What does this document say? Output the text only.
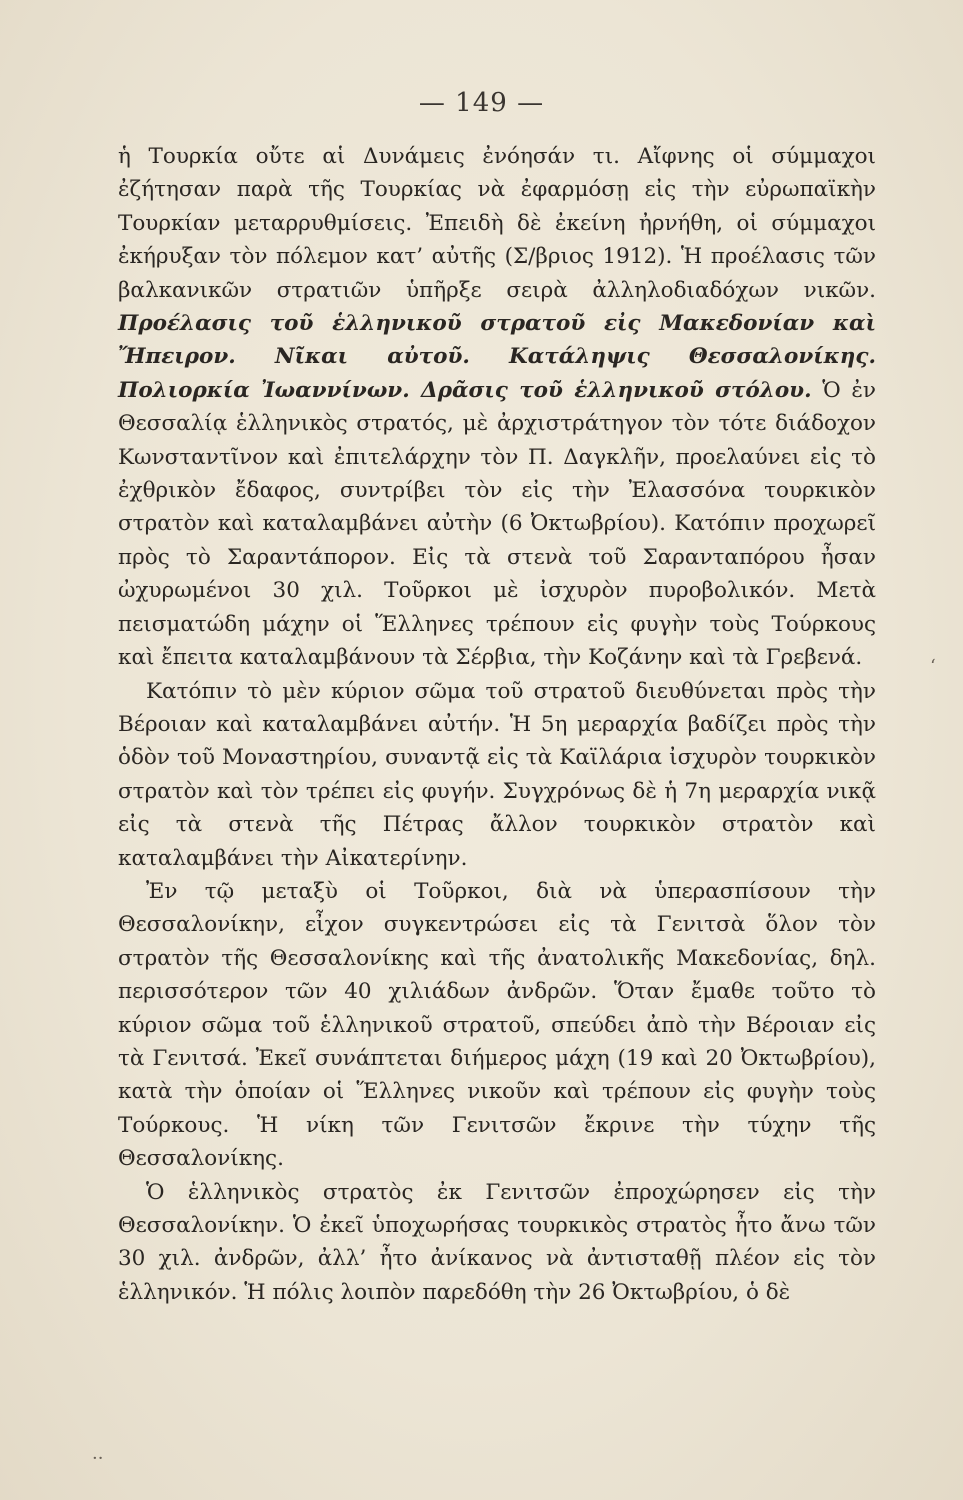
— 149 —
ʻ
··

ἡ Τουρκία οὔτε αἱ Δυνάμεις ἐνόησάν τι. Αἴφνης οἱ σύμμαχοι ἐζήτησαν παρὰ τῆς Τουρκίας νὰ ἐφαρμόσῃ εἰς τὴν εὐρωπαϊκὴν Τουρκίαν μεταρρυθμίσεις. Ἐπειδὴ δὲ ἐκείνη ἠρνήθη, οἱ σύμμαχοι ἐκήρυξαν τὸν πόλεμον κατ’ αὐτῆς (Σ/βριος 1912). Ἡ προέλασις τῶν βαλκανικῶν στρατιῶν ὑπῆρξε σειρὰ ἀλληλοδιαδόχων νικῶν. Προέλασις τοῦ ἑλληνικοῦ στρατοῦ εἰς Μακεδονίαν καὶ Ἤπειρον. Νῖκαι αὐτοῦ. Κατάληψις Θεσσαλονίκης. Πολιορκία Ἰωαννίνων. Δρᾶσις τοῦ ἑλληνικοῦ στόλου. Ὁ ἐν Θεσσαλίᾳ ἑλληνικὸς στρατός, μὲ ἀρχιστράτηγον τὸν τότε διάδοχον Κωνσταντῖνον καὶ ἐπιτελάρχην τὸν Π. Δαγκλῆν, προελαύνει εἰς τὸ ἐχθρικὸν ἔδαφος, συντρίβει τὸν εἰς τὴν Ἐλασσόνα τουρκικὸν στρατὸν καὶ καταλαμβάνει αὐτὴν (6 Ὀκτωβρίου). Κατόπιν προχωρεῖ πρὸς τὸ Σαραντάπορον. Εἰς τὰ στενὰ τοῦ Σαρανταπόρου ἦσαν ὠχυρωμένοι 30 χιλ. Τοῦρκοι μὲ ἰσχυρὸν πυροβολικόν. Μετὰ πεισματώδη μάχην οἱ Ἕλληνες τρέπουν εἰς φυγὴν τοὺς Τούρκους καὶ ἔπειτα καταλαμβάνουν τὰ Σέρβια, τὴν Κοζάνην καὶ τὰ Γρεβενά.

Κατόπιν τὸ μὲν κύριον σῶμα τοῦ στρατοῦ διευθύνεται πρὸς τὴν Βέροιαν καὶ καταλαμβάνει αὐτήν. Ἡ 5η μεραρχία βαδίζει πρὸς τὴν ὁδὸν τοῦ Μοναστηρίου, συναντᾷ εἰς τὰ Καϊλάρια ἰσχυρὸν τουρκικὸν στρατὸν καὶ τὸν τρέπει εἰς φυγήν. Συγχρόνως δὲ ἡ 7η μεραρχία νικᾷ εἰς τὰ στενὰ τῆς Πέτρας ἄλλον τουρκικὸν στρατὸν καὶ καταλαμβάνει τὴν Αἰκατερίνην.

Ἐν τῷ μεταξὺ οἱ Τοῦρκοι, διὰ νὰ ὑπερασπίσουν τὴν Θεσσαλονίκην, εἶχον συγκεντρώσει εἰς τὰ Γενιτσὰ ὅλον τὸν στρατὸν τῆς Θεσσαλονίκης καὶ τῆς ἀνατολικῆς Μακεδονίας, δηλ. περισσότερον τῶν 40 χιλιάδων ἀνδρῶν. Ὅταν ἔμαθε τοῦτο τὸ κύριον σῶμα τοῦ ἑλληνικοῦ στρατοῦ, σπεύδει ἀπὸ τὴν Βέροιαν εἰς τὰ Γενιτσά. Ἐκεῖ συνάπτεται διήμερος μάχη (19 καὶ 20 Ὀκτωβρίου), κατὰ τὴν ὁποίαν οἱ Ἕλληνες νικοῦν καὶ τρέπουν εἰς φυγὴν τοὺς Τούρκους. Ἡ νίκη τῶν Γενιτσῶν ἔκρινε τὴν τύχην τῆς Θεσσαλονίκης.

Ὁ ἑλληνικὸς στρατὸς ἐκ Γενιτσῶν ἐπροχώρησεν εἰς τὴν Θεσσαλονίκην. Ὁ ἐκεῖ ὑποχωρήσας τουρκικὸς στρατὸς ἦτο ἄνω τῶν 30 χιλ. ἀνδρῶν, ἀλλ’ ἦτο ἀνίκανος νὰ ἀντισταθῇ πλέον εἰς τὸν ἑλληνικόν. Ἡ πόλις λοιπὸν παρεδόθη τὴν 26 Ὀκτωβρίου, ὁ δὲ
